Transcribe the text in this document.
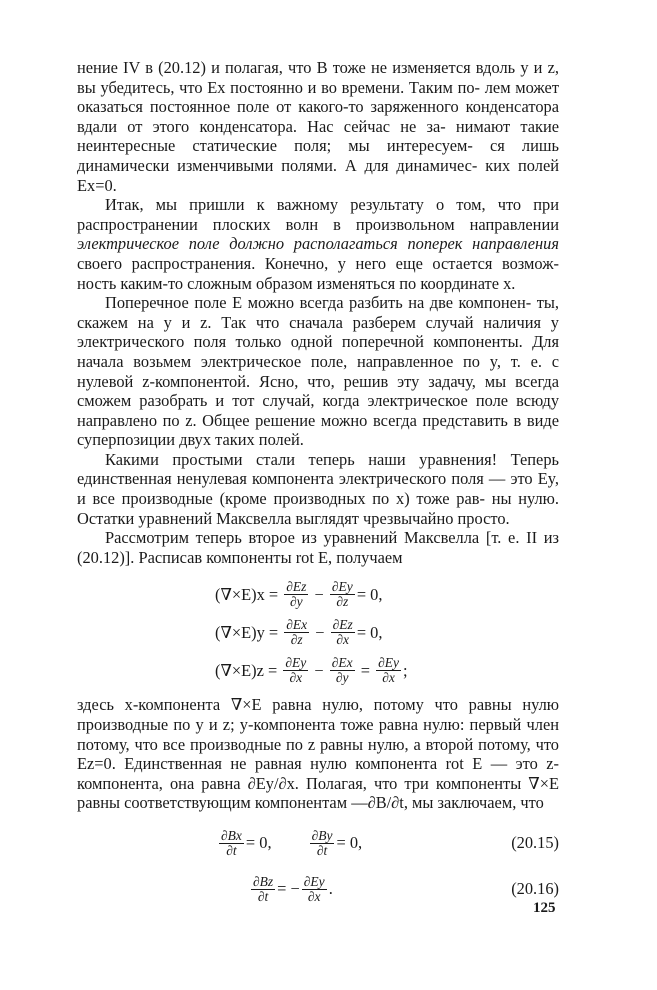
нение IV в (20.12) и полагая, что B тоже не изменяется вдоль y и z, вы убедитесь, что Ex постоянно и во времени. Таким по- лем может оказаться постоянное поле от какого-то заряженного конденсатора вдали от этого конденсатора. Нас сейчас не за- нимают такие неинтересные статические поля; мы интересуем- ся лишь динамически изменчивыми полями. А для динамичес- ких полей Ex=0.

Итак, мы пришли к важному результату о том, что при распространении плоских волн в произвольном направлении электрическое поле должно располагаться поперек направления своего распространения. Конечно, у него еще остается возмож- ность каким-то сложным образом изменяться по координате x.

Поперечное поле E можно всегда разбить на две компонен- ты, скажем на y и z. Так что сначала разберем случай наличия у электрического поля только одной поперечной компоненты. Для начала возьмем электрическое поле, направленное по y, т. е. с нулевой z-компонентой. Ясно, что, решив эту задачу, мы всегда сможем разобрать и тот случай, когда электрическое поле всюду направлено по z. Общее решение можно всегда представить в виде суперпозиции двух таких полей.

Какими простыми стали теперь наши уравнения! Теперь единственная ненулевая компонента электрического поля — это Ey, и все производные (кроме производных по x) тоже рав- ны нулю. Остатки уравнений Максвелла выглядят чрезвычайно просто.

Рассмотрим теперь второе из уравнений Максвелла [т. е. II из (20.12)]. Расписав компоненты rot E, получаем

$(\nabla\times E)x = \frac{\partial Ez}{\partial y} - \frac{\partial Ey}{\partial z} = 0$,
$(\nabla\times E)y = \frac{\partial Ex}{\partial z} - \frac{\partial Ez}{\partial x} = 0$,
$(\nabla\times E)z = \frac{\partial Ey}{\partial x} - \frac{\partial Ex}{\partial y} = \frac{\partial Ey}{\partial x}$ ;

здесь x-компонента ∇×E равна нулю, потому что равны нулю производные по y и z; y-компонента тоже равна нулю: первый член потому, что все производные по z равны нулю, а второй потому, что Ez=0. Единственная не равная нулю компонента rot E — это z-компонента, она равна ∂Ey/∂x. Полагая, что три компоненты ∇×E равны соответствующим компонентам —∂B/∂t, мы заключаем, что

$\frac{\partial Bx}{\partial t} = 0$,	$\frac{\partial By}{\partial t} = 0$,	(20.15)
$\frac{\partial Bz}{\partial t}$ = − $\frac{\partial Ey}{\partial x}$ .	(20.16)
125
